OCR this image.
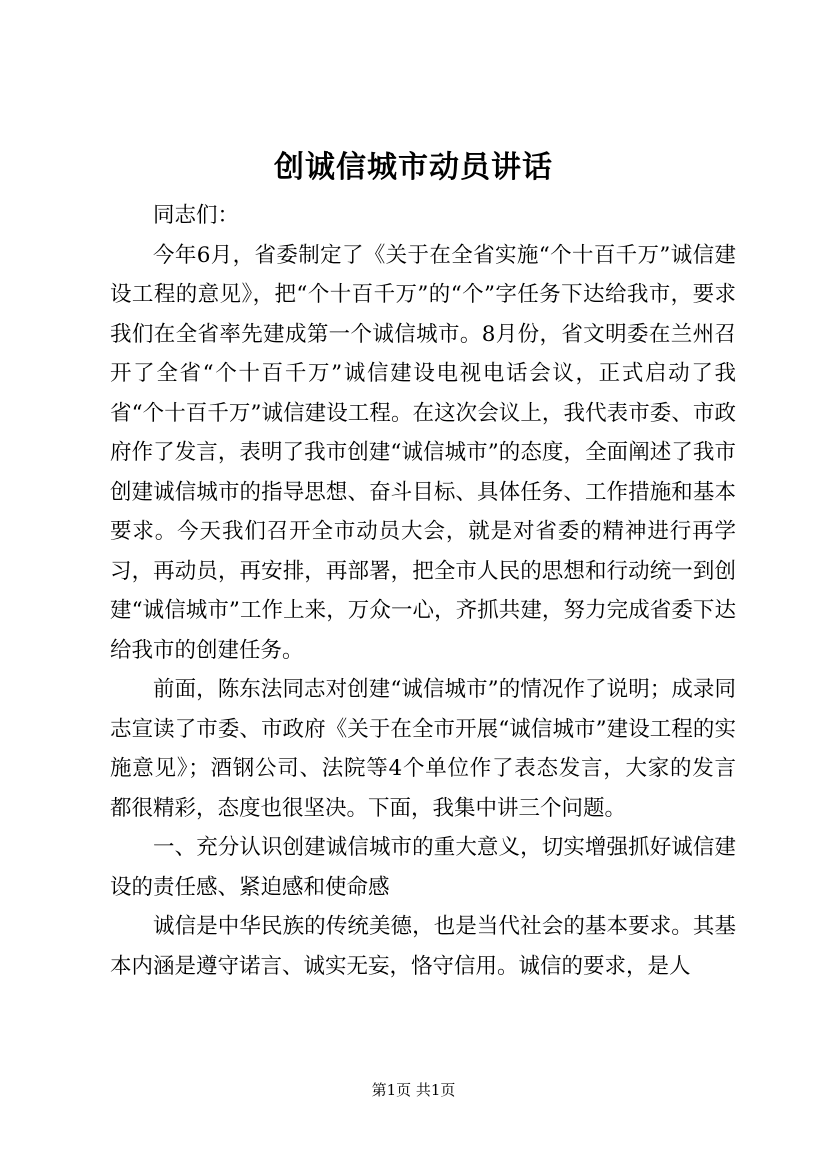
创诚信城市动员讲话

同志们：

今年6月，省委制定了《关于在全省实施“个十百千万”诚信建设工程的意见》，把“个十百千万”的“个”字任务下达给我市，要求我们在全省率先建成第一个诚信城市。8月份，省文明委在兰州召开了全省“个十百千万”诚信建设电视电话会议，正式启动了我省“个十百千万”诚信建设工程。在这次会议上，我代表市委、市政府作了发言，表明了我市创建“诚信城市”的态度，全面阐述了我市创建诚信城市的指导思想、奋斗目标、具体任务、工作措施和基本要求。今天我们召开全市动员大会，就是对省委的精神进行再学习，再动员，再安排，再部署，把全市人民的思想和行动统一到创建“诚信城市”工作上来，万众一心，齐抓共建，努力完成省委下达给我市的创建任务。

前面，陈东法同志对创建“诚信城市”的情况作了说明；成录同志宣读了市委、市政府《关于在全市开展“诚信城市”建设工程的实施意见》；酒钢公司、法院等4个单位作了表态发言，大家的发言都很精彩，态度也很坚决。下面，我集中讲三个问题。

一、充分认识创建诚信城市的重大意义，切实增强抓好诚信建设的责任感、紧迫感和使命感

诚信是中华民族的传统美德，也是当代社会的基本要求。其基本内涵是遵守诺言、诚实无妄，恪守信用。诚信的要求，是人

第1页 共1页
